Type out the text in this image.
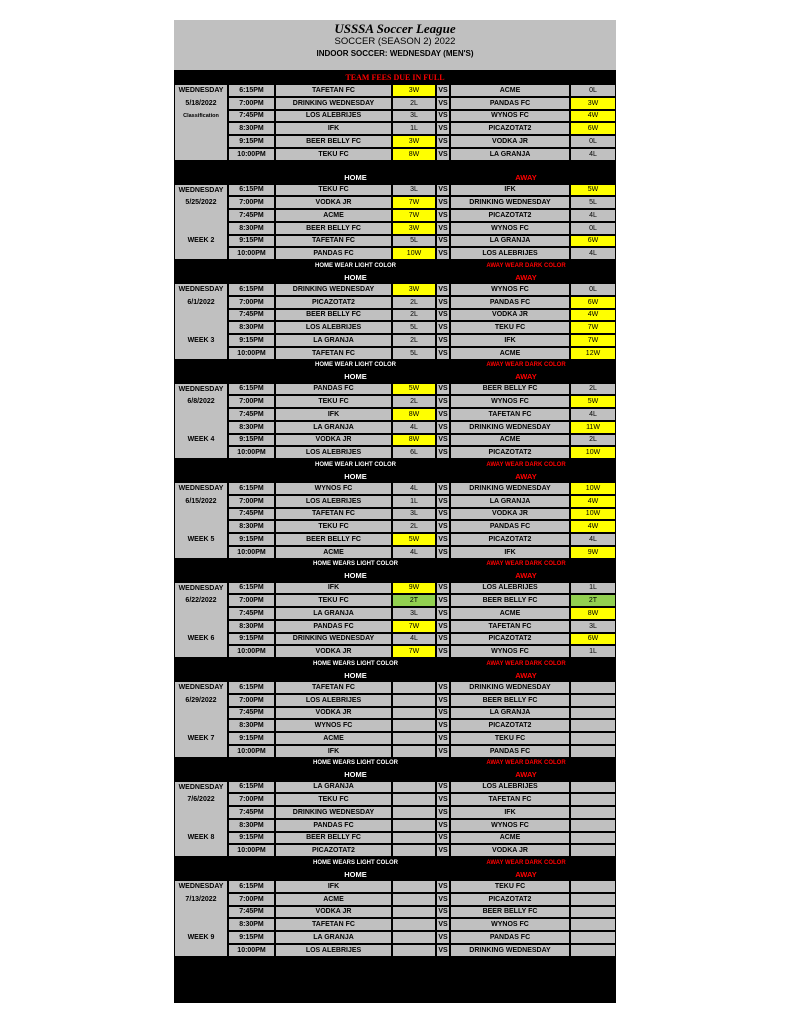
USSSA Soccer League
SOCCER (SEASON 2) 2022
INDOOR SOCCER: WEDNESDAY (MEN'S)
TEAM FEES DUE IN FULL
WEDNESDAY	6:15PM	TAFETAN FC	3W	VS	ACME	0L
5/18/2022	7:00PM	DRINKING WEDNESDAY	2L	VS	PANDAS FC	3W
Classification	7:45PM	LOS ALEBRIJES	3L	VS	WYNOS FC	4W
8:30PM	IFK	1L	VS	PICAZOTAT2	6W
9:15PM	BEER BELLY FC	3W	VS	VODKA JR	0L
10:00PM	TEKU FC	8W	VS	LA GRANJA	4L
HOME	AWAY
WEDNESDAY	6:15PM	TEKU FC	3L	VS	IFK	5W
5/25/2022	7:00PM	VODKA JR	7W	VS	DRINKING WEDNESDAY	5L
7:45PM	ACME	7W	VS	PICAZOTAT2	4L
8:30PM	BEER BELLY FC	3W	VS	WYNOS FC	0L
WEEK 2	9:15PM	TAFETAN FC	5L	VS	LA GRANJA	6W
10:00PM	PANDAS FC	10W	VS	LOS ALEBRIJES	4L
HOME WEAR LIGHT COLOR
HOME
AWAY WEAR DARK COLOR
AWAY
WEDNESDAY	6:15PM	DRINKING WEDNESDAY	3W	VS	WYNOS FC	0L
6/1/2022	7:00PM	PICAZOTAT2	2L	VS	PANDAS FC	6W
7:45PM	BEER BELLY FC	2L	VS	VODKA JR	4W
8:30PM	LOS ALEBRIJES	5L	VS	TEKU FC	7W
WEEK 3	9:15PM	LA GRANJA	2L	VS	IFK	7W
10:00PM	TAFETAN FC	5L	VS	ACME	12W
HOME WEAR LIGHT COLOR
HOME
AWAY WEAR DARK COLOR
AWAY
WEDNESDAY	6:15PM	PANDAS FC	5W	VS	BEER BELLY FC	2L
6/8/2022	7:00PM	TEKU FC	2L	VS	WYNOS FC	5W
7:45PM	IFK	8W	VS	TAFETAN FC	4L
8:30PM	LA GRANJA	4L	VS	DRINKING WEDNESDAY	11W
WEEK 4	9:15PM	VODKA JR	8W	VS	ACME	2L
10:00PM	LOS ALEBRIJES	6L	VS	PICAZOTAT2	10W
HOME WEAR LIGHT COLOR
HOME
AWAY WEAR DARK COLOR
AWAY
WEDNESDAY	6:15PM	WYNOS FC	4L	VS	DRINKING WEDNESDAY	10W
6/15/2022	7:00PM	LOS ALEBRIJES	1L	VS	LA GRANJA	4W
7:45PM	TAFETAN FC	3L	VS	VODKA JR	10W
8:30PM	TEKU FC	2L	VS	PANDAS FC	4W
WEEK 5	9:15PM	BEER BELLY FC	5W	VS	PICAZOTAT2	4L
10:00PM	ACME	4L	VS	IFK	9W
HOME WEARS LIGHT COLOR
HOME
AWAY WEAR DARK COLOR
AWAY
WEDNESDAY	6:15PM	IFK	9W	VS	LOS ALEBRIJES	1L
6/22/2022	7:00PM	TEKU FC	2T	VS	BEER BELLY FC	2T
7:45PM	LA GRANJA	3L	VS	ACME	8W
8:30PM	PANDAS FC	7W	VS	TAFETAN FC	3L
WEEK 6	9:15PM	DRINKING WEDNESDAY	4L	VS	PICAZOTAT2	6W
10:00PM	VODKA JR	7W	VS	WYNOS FC	1L
HOME WEARS LIGHT COLOR
HOME
AWAY WEAR DARK COLOR
AWAY
WEDNESDAY	6:15PM	TAFETAN FC	VS	DRINKING WEDNESDAY
6/29/2022	7:00PM	LOS ALEBRIJES	VS	BEER BELLY FC
7:45PM	VODKA JR	VS	LA GRANJA
8:30PM	WYNOS FC	VS	PICAZOTAT2
WEEK 7	9:15PM	ACME	VS	TEKU FC
10:00PM	IFK	VS	PANDAS FC
HOME WEARS LIGHT COLOR
HOME
AWAY WEAR DARK COLOR
AWAY
WEDNESDAY	6:15PM	LA GRANJA	VS	LOS ALEBRIJES
7/6/2022	7:00PM	TEKU FC	VS	TAFETAN FC
7:45PM	DRINKING WEDNESDAY	VS	IFK
8:30PM	PANDAS FC	VS	WYNOS FC
WEEK 8	9:15PM	BEER BELLY FC	VS	ACME
10:00PM	PICAZOTAT2	VS	VODKA JR
HOME WEARS LIGHT COLOR
HOME
AWAY WEAR DARK COLOR
AWAY
WEDNESDAY	6:15PM	IFK	VS	TEKU FC
7/13/2022	7:00PM	ACME	VS	PICAZOTAT2
7:45PM	VODKA JR	VS	BEER BELLY FC
8:30PM	TAFETAN FC	VS	WYNOS FC
WEEK 9	9:15PM	LA GRANJA	VS	PANDAS FC
10:00PM	LOS ALEBRIJES	VS	DRINKING WEDNESDAY
